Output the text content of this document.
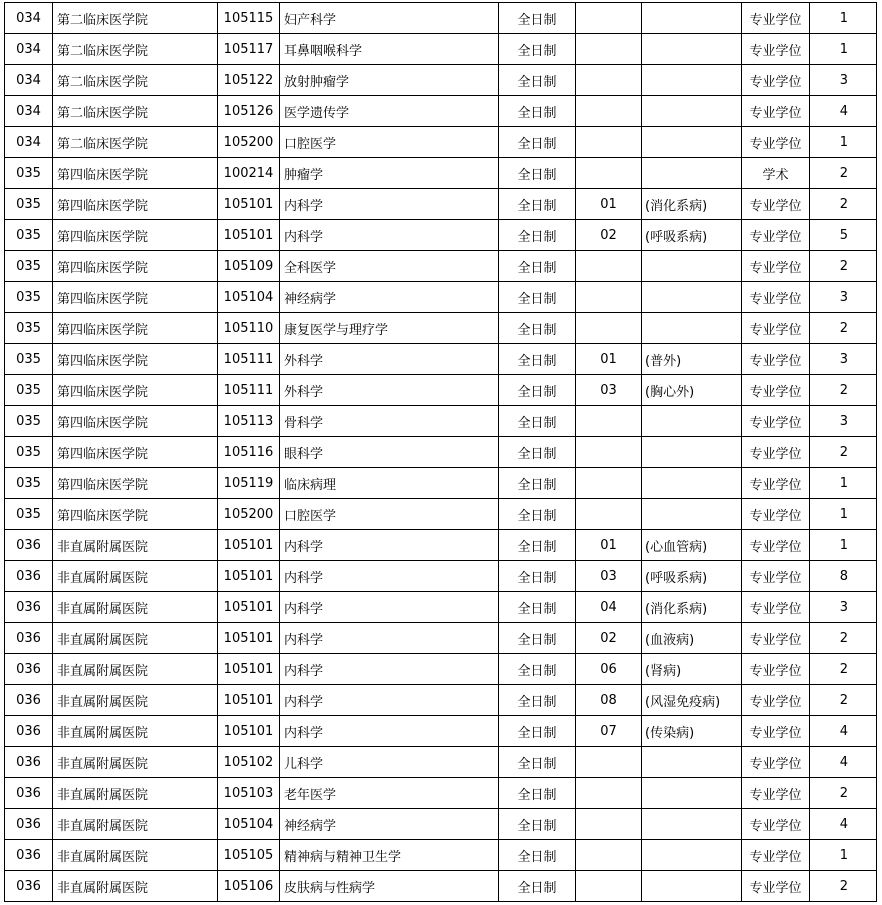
034	第二临床医学院	105115	妇产科学	全日制			专业学位	1
034	第二临床医学院	105117	耳鼻咽喉科学	全日制			专业学位	1
034	第二临床医学院	105122	放射肿瘤学	全日制			专业学位	3
034	第二临床医学院	105126	医学遗传学	全日制			专业学位	4
034	第二临床医学院	105200	口腔医学	全日制			专业学位	1
035	第四临床医学院	100214	肿瘤学	全日制			学术	2
035	第四临床医学院	105101	内科学	全日制	01	(消化系病)	专业学位	2
035	第四临床医学院	105101	内科学	全日制	02	(呼吸系病)	专业学位	5
035	第四临床医学院	105109	全科医学	全日制			专业学位	2
035	第四临床医学院	105104	神经病学	全日制			专业学位	3
035	第四临床医学院	105110	康复医学与理疗学	全日制			专业学位	2
035	第四临床医学院	105111	外科学	全日制	01	(普外)	专业学位	3
035	第四临床医学院	105111	外科学	全日制	03	(胸心外)	专业学位	2
035	第四临床医学院	105113	骨科学	全日制			专业学位	3
035	第四临床医学院	105116	眼科学	全日制			专业学位	2
035	第四临床医学院	105119	临床病理	全日制			专业学位	1
035	第四临床医学院	105200	口腔医学	全日制			专业学位	1
036	非直属附属医院	105101	内科学	全日制	01	(心血管病)	专业学位	1
036	非直属附属医院	105101	内科学	全日制	03	(呼吸系病)	专业学位	8
036	非直属附属医院	105101	内科学	全日制	04	(消化系病)	专业学位	3
036	非直属附属医院	105101	内科学	全日制	02	(血液病)	专业学位	2
036	非直属附属医院	105101	内科学	全日制	06	(肾病)	专业学位	2
036	非直属附属医院	105101	内科学	全日制	08	(风湿免疫病)	专业学位	2
036	非直属附属医院	105101	内科学	全日制	07	(传染病)	专业学位	4
036	非直属附属医院	105102	儿科学	全日制			专业学位	4
036	非直属附属医院	105103	老年医学	全日制			专业学位	2
036	非直属附属医院	105104	神经病学	全日制			专业学位	4
036	非直属附属医院	105105	精神病与精神卫生学	全日制			专业学位	1
036	非直属附属医院	105106	皮肤病与性病学	全日制			专业学位	2
